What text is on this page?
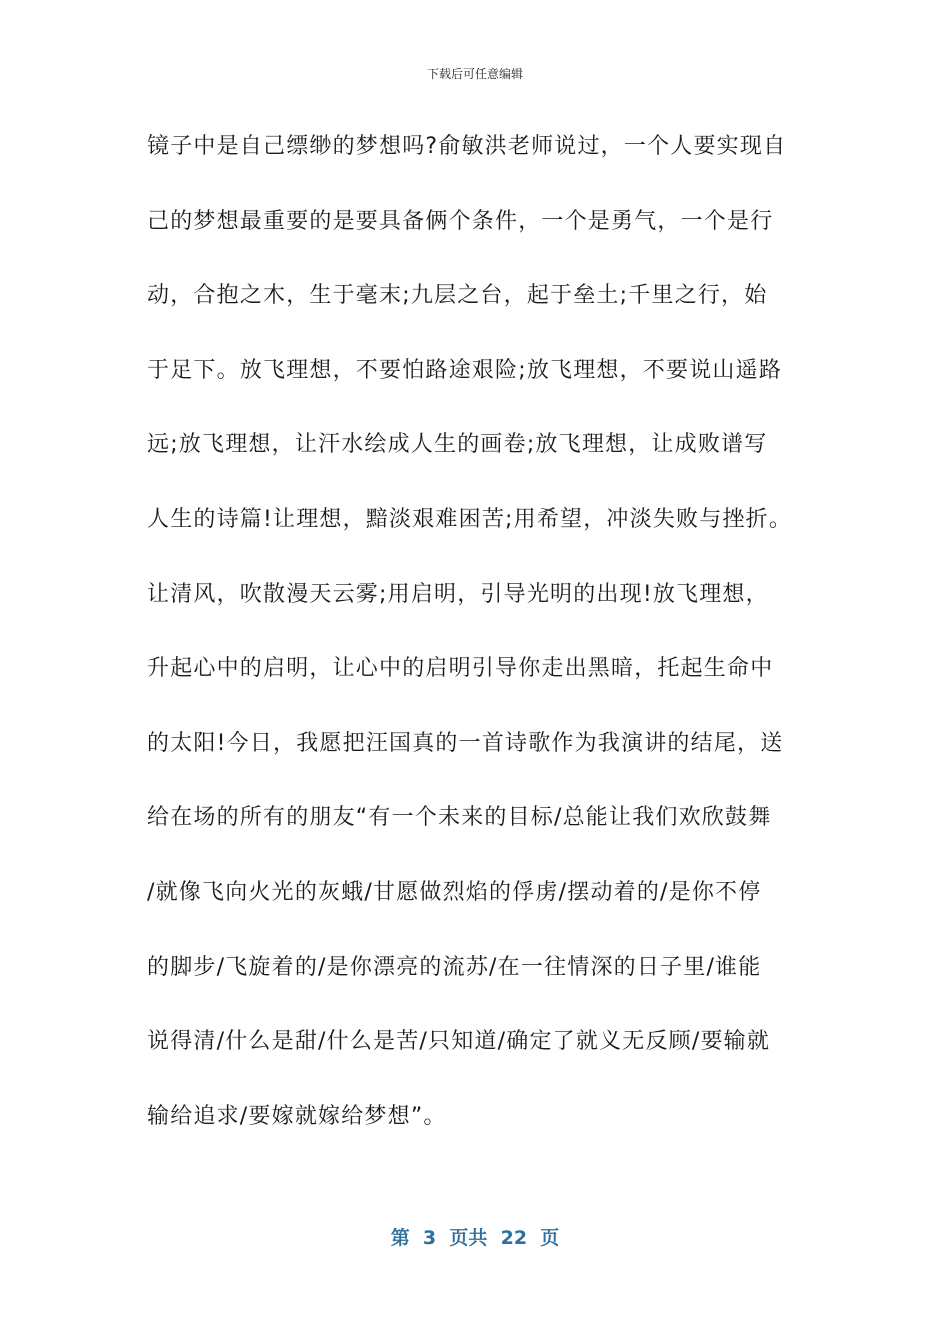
下载后可任意编辑
镜子中是自己缥缈的梦想吗?俞敏洪老师说过，一个人要实现自
己的梦想最重要的是要具备俩个条件，一个是勇气，一个是行
动，合抱之木，生于毫末;九层之台，起于垒土;千里之行，始
于足下。放飞理想，不要怕路途艰险;放飞理想，不要说山遥路
远;放飞理想，让汗水绘成人生的画卷;放飞理想，让成败谱写
人生的诗篇!让理想，黯淡艰难困苦;用希望，冲淡失败与挫折。
让清风，吹散漫天云雾;用启明，引导光明的出现!放飞理想，
升起心中的启明，让心中的启明引导你走出黑暗，托起生命中
的太阳!今日，我愿把汪国真的一首诗歌作为我演讲的结尾，送
给在场的所有的朋友“有一个未来的目标/总能让我们欢欣鼓舞
/就像飞向火光的灰蛾/甘愿做烈焰的俘虏/摆动着的/是你不停
的脚步/飞旋着的/是你漂亮的流苏/在一往情深的日子里/谁能
说得清/什么是甜/什么是苦/只知道/确定了就义无反顾/要输就
输给追求/要嫁就嫁给梦想”。
第  3  页共  22  页
